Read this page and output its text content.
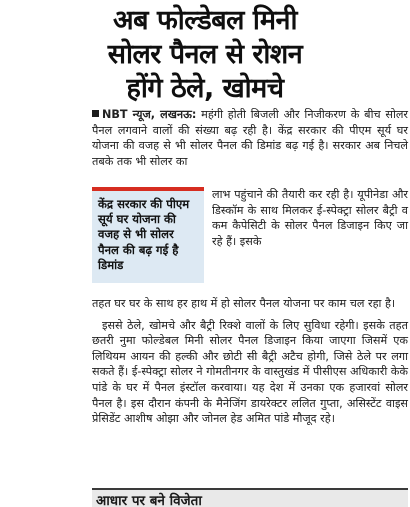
अब फोल्डेबल मिनी
सोलर पैनल से रोशन
होंगे ठेले, खोमचे

NBT न्यूज, लखनऊ: महंगी होती बिजली और निजीकरण के बीच सोलर पैनल लगवाने वालों की संख्या बढ़ रही है। केंद्र सरकार की पीएम सूर्य घर योजना की वजह से भी सोलर पैनल की डिमांड बढ़ गई है। सरकार अब निचले तबके तक भी सोलर का

केंद्र सरकार की पीएम सूर्य घर योजना की वजह से भी सोलर पैनल की बढ़ गई है डिमांड

लाभ पहुंचाने की तैयारी कर रही है। यूपीनेडा और डिस्कॉम के साथ मिलकर ई-स्पेक्ट्रा सोलर बैट्री व कम कैपेसिटी के सोलर पैनल डिजाइन किए जा रहे हैं। इसके

तहत घर घर के साथ हर हाथ में हो सोलर पैनल योजना पर काम चल रहा है।

इससे ठेले, खोमचे और बैट्री रिक्शे वालों के लिए सुविधा रहेगी। इसके तहत छतरी नुमा फोल्डेबल मिनी सोलर पैनल डिजाइन किया जाएगा जिसमें एक लिथियम आयन की हल्की और छोटी सी बैट्री अटैच होगी, जिसे ठेले पर लगा सकते हैं। ई-स्पेक्ट्रा सोलर ने गोमतीनगर के वास्तुखंड में पीसीएस अधिकारी केके पांडे के घर में पैनल इंस्टॉल करवाया। यह देश में उनका एक हजारवां सोलर पैनल है। इस दौरान कंपनी के मैनेजिंग डायरेक्टर ललित गुप्ता, असिस्टेंट वाइस प्रेसिडेंट आशीष ओझा और जोनल हेड अमित पांडे मौजूद रहे।

आधार पर बने विजेता
